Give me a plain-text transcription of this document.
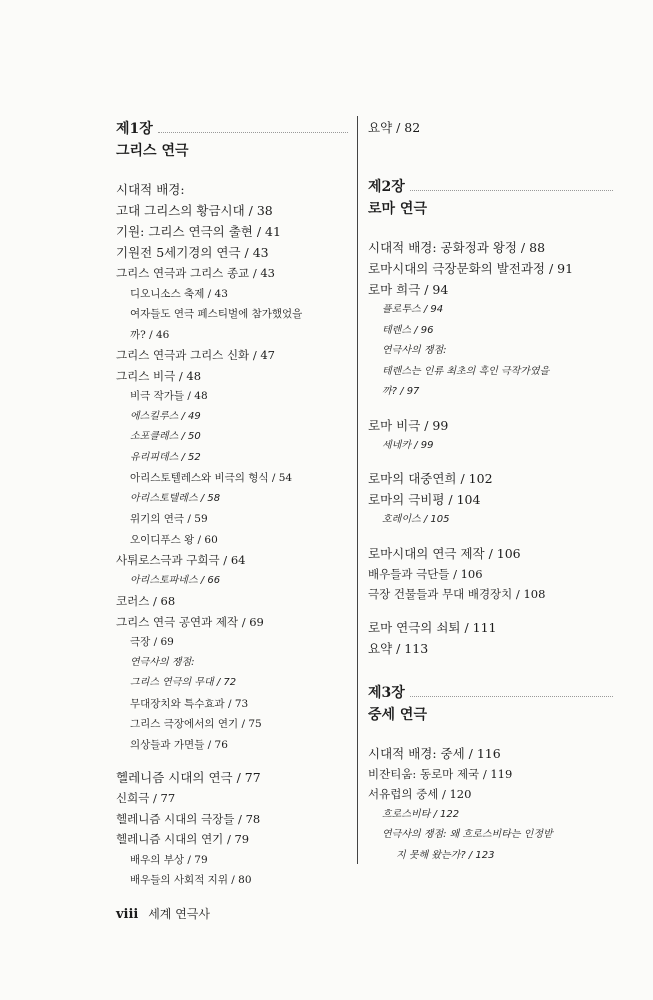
제1장
그리스 연극
시대적 배경:
고대 그리스의 황금시대 / 38
기원: 그리스 연극의 출현 / 41
기원전 5세기경의 연극 / 43
그리스 연극과 그리스 종교 / 43
디오니소스 축제 / 43
여자들도 연극 페스티벌에 참가했었을
까? / 46
그리스 연극과 그리스 신화 / 47
그리스 비극 / 48
비극 작가들 / 48
에스킬루스 / 49
소포클레스 / 50
유리피데스 / 52
아리스토텔레스와 비극의 형식 / 54
아리스토텔레스 / 58
위기의 연극 / 59
오이디푸스 왕 / 60
사튀로스극과 구희극 / 64
아리스토파네스 / 66
코러스 / 68
그리스 연극 공연과 제작 / 69
극장 / 69
연극사의 쟁점:
그리스 연극의 무대 / 72
무대장치와 특수효과 / 73
그리스 극장에서의 연기 / 75
의상들과 가면들 / 76
헬레니즘 시대의 연극 / 77
신희극 / 77
헬레니즘 시대의 극장들 / 78
헬레니즘 시대의 연기 / 79
배우의 부상 / 79
배우들의 사회적 지위 / 80
요약 / 82
제2장
로마 연극
시대적 배경: 공화정과 왕정 / 88
로마시대의 극장문화의 발전과정 / 91
로마 희극 / 94
플로투스 / 94
테렌스 / 96
연극사의 쟁점:
테렌스는 인류 최초의 흑인 극작가였을
까? / 97
로마 비극 / 99
세네카 / 99
로마의 대중연희 / 102
로마의 극비평 / 104
호레이스 / 105
로마시대의 연극 제작 / 106
배우들과 극단들 / 106
극장 건물들과 무대 배경장치 / 108
로마 연극의 쇠퇴 / 111
요약 / 113
제3장
중세 연극
시대적 배경: 중세 / 116
비잔티움: 동로마 제국 / 119
서유럽의 중세 / 120
흐로스비타 / 122
연극사의 쟁점: 왜 흐로스비타는 인정받
지 못해 왔는가? / 123
viii 세계 연극사
